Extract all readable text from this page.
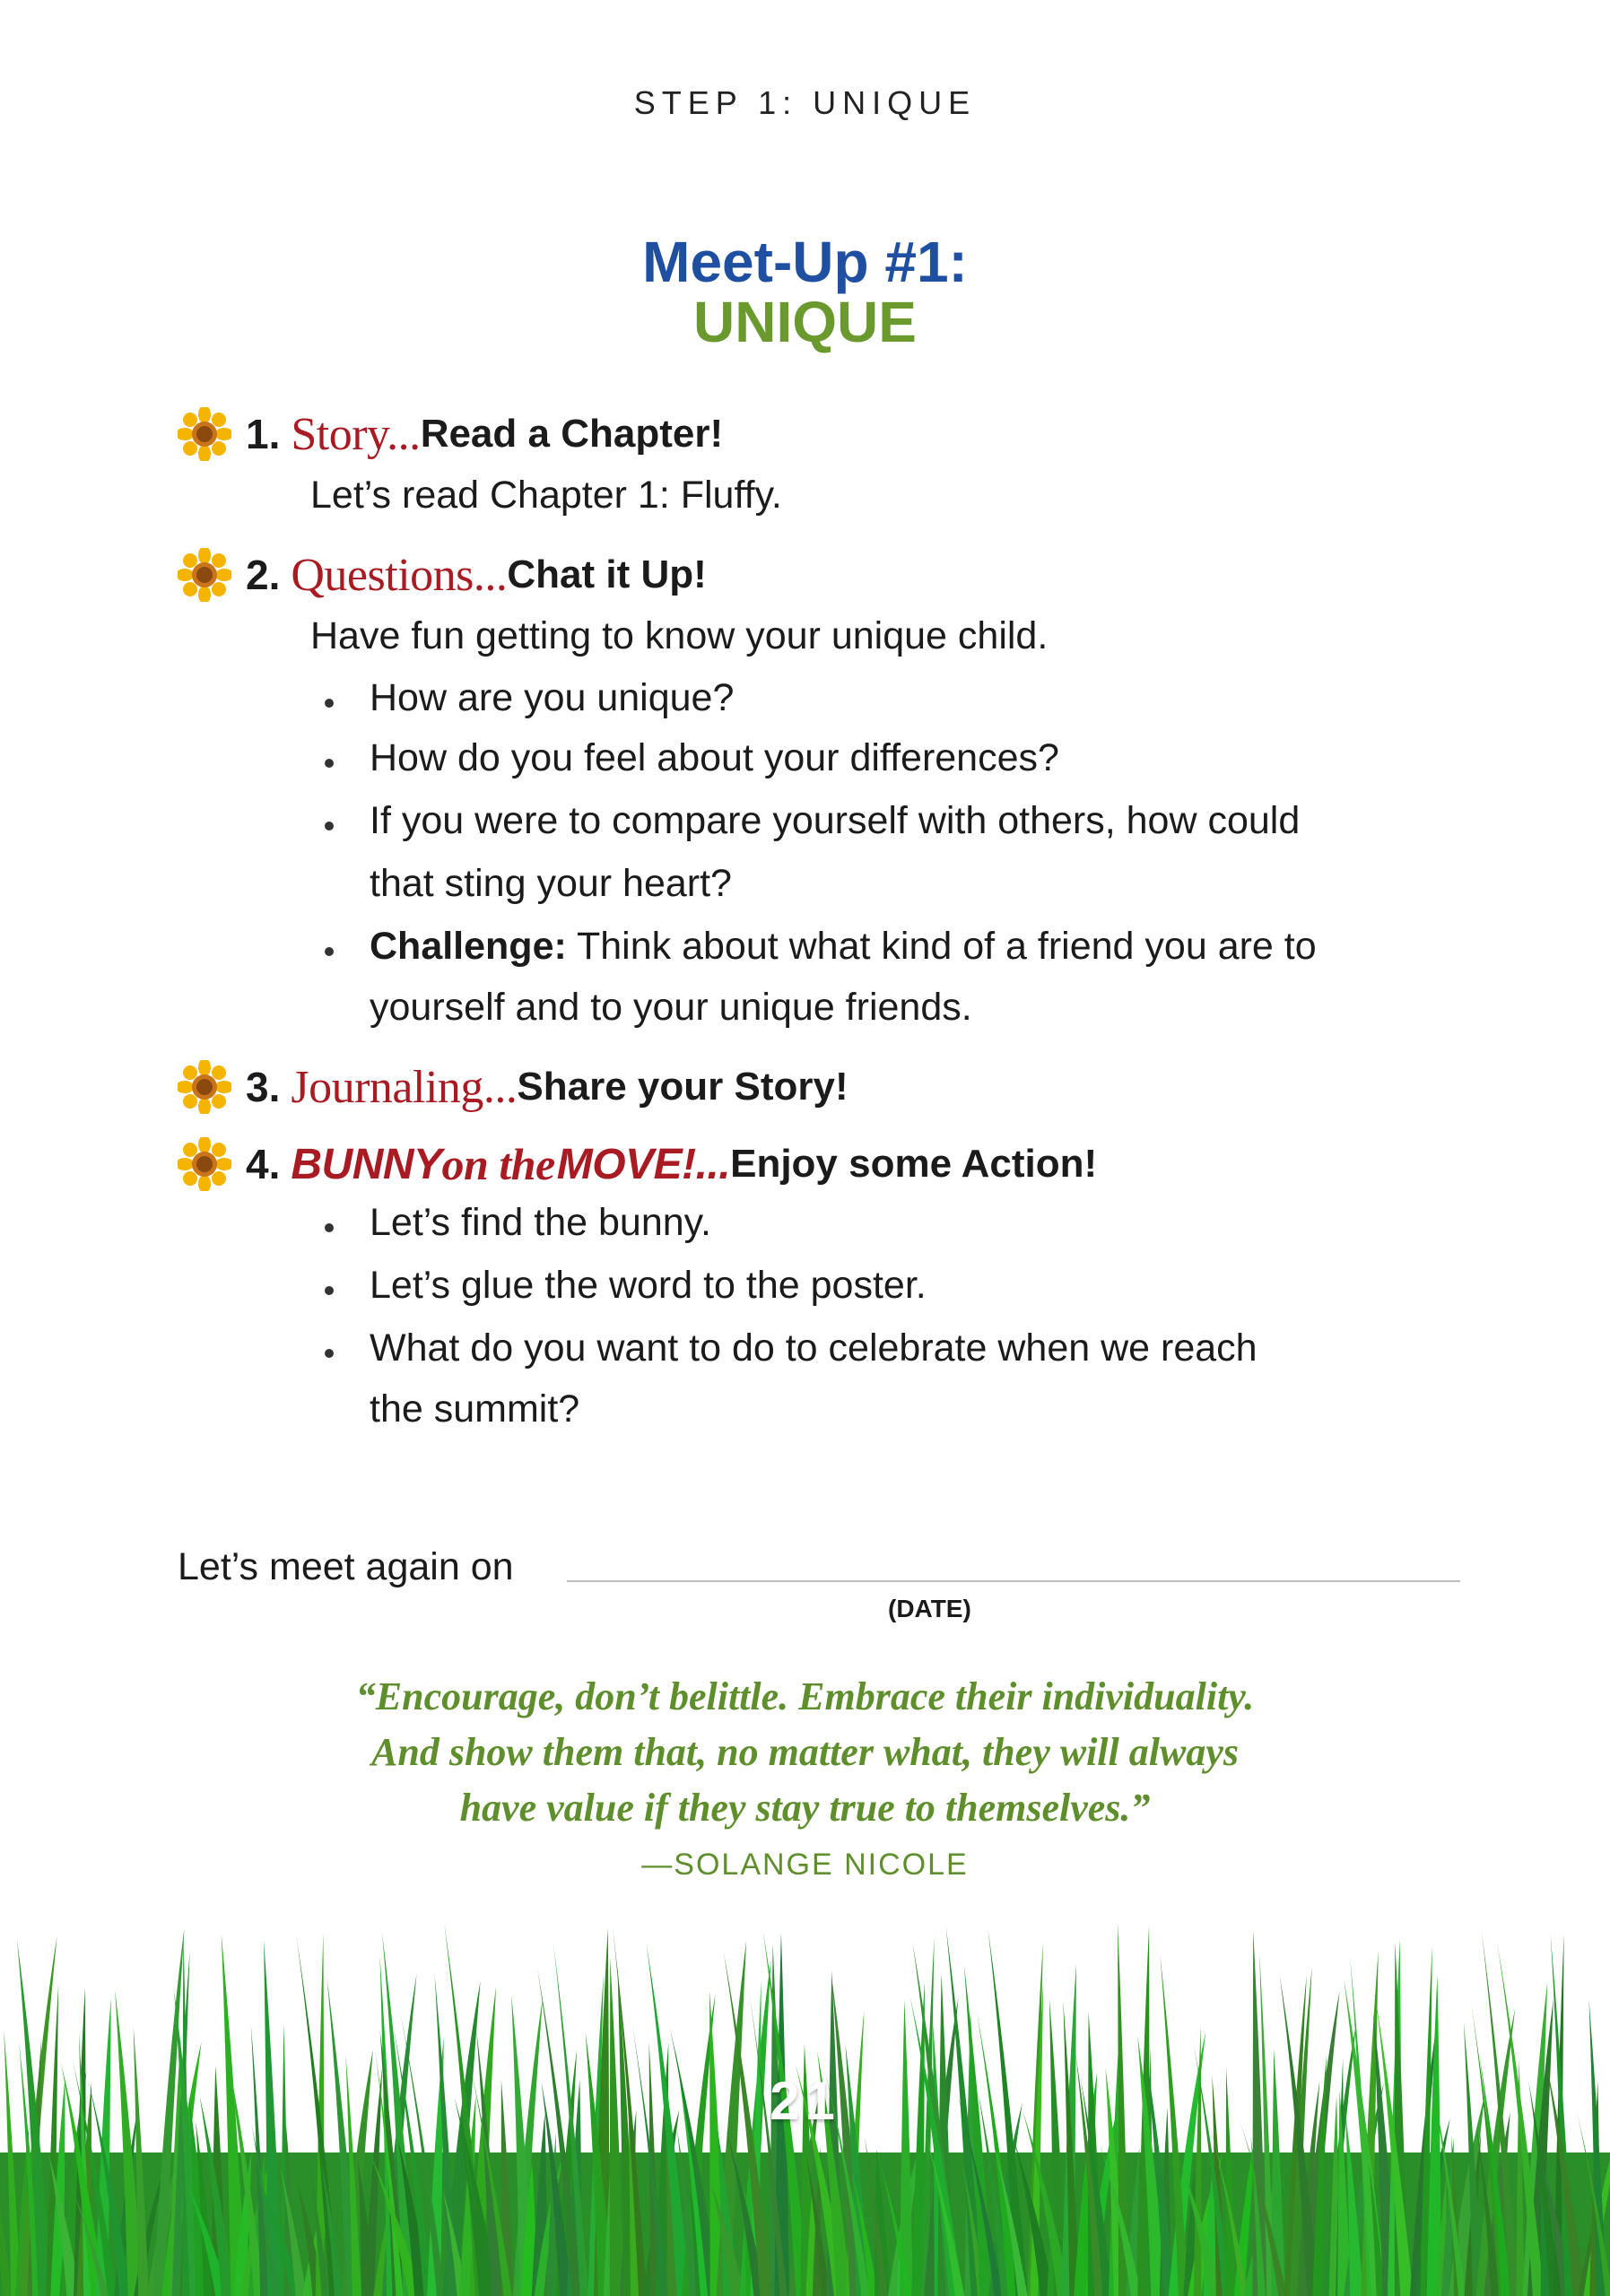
STEP 1: UNIQUE
Meet-Up #1:
UNIQUE
1. Story... Read a Chapter!
Let’s read Chapter 1: Fluffy.
2. Questions... Chat it Up!
Have fun getting to know your unique child.
How are you unique?
How do you feel about your differences?
If you were to compare yourself with others, how could
that sting your heart?
Challenge: Think about what kind of a friend you are to
yourself and to your unique friends.
3. Journaling... Share your Story!
4. BUNNY on the MOVE!... Enjoy some Action!
Let’s find the bunny.
Let’s glue the word to the poster.
What do you want to do to celebrate when we reach
the summit?
Let’s meet again on
(DATE)
“Encourage, don’t belittle. Embrace their individuality.
And show them that, no matter what, they will always
have value if they stay true to themselves.”
—SOLANGE NICOLE
21
